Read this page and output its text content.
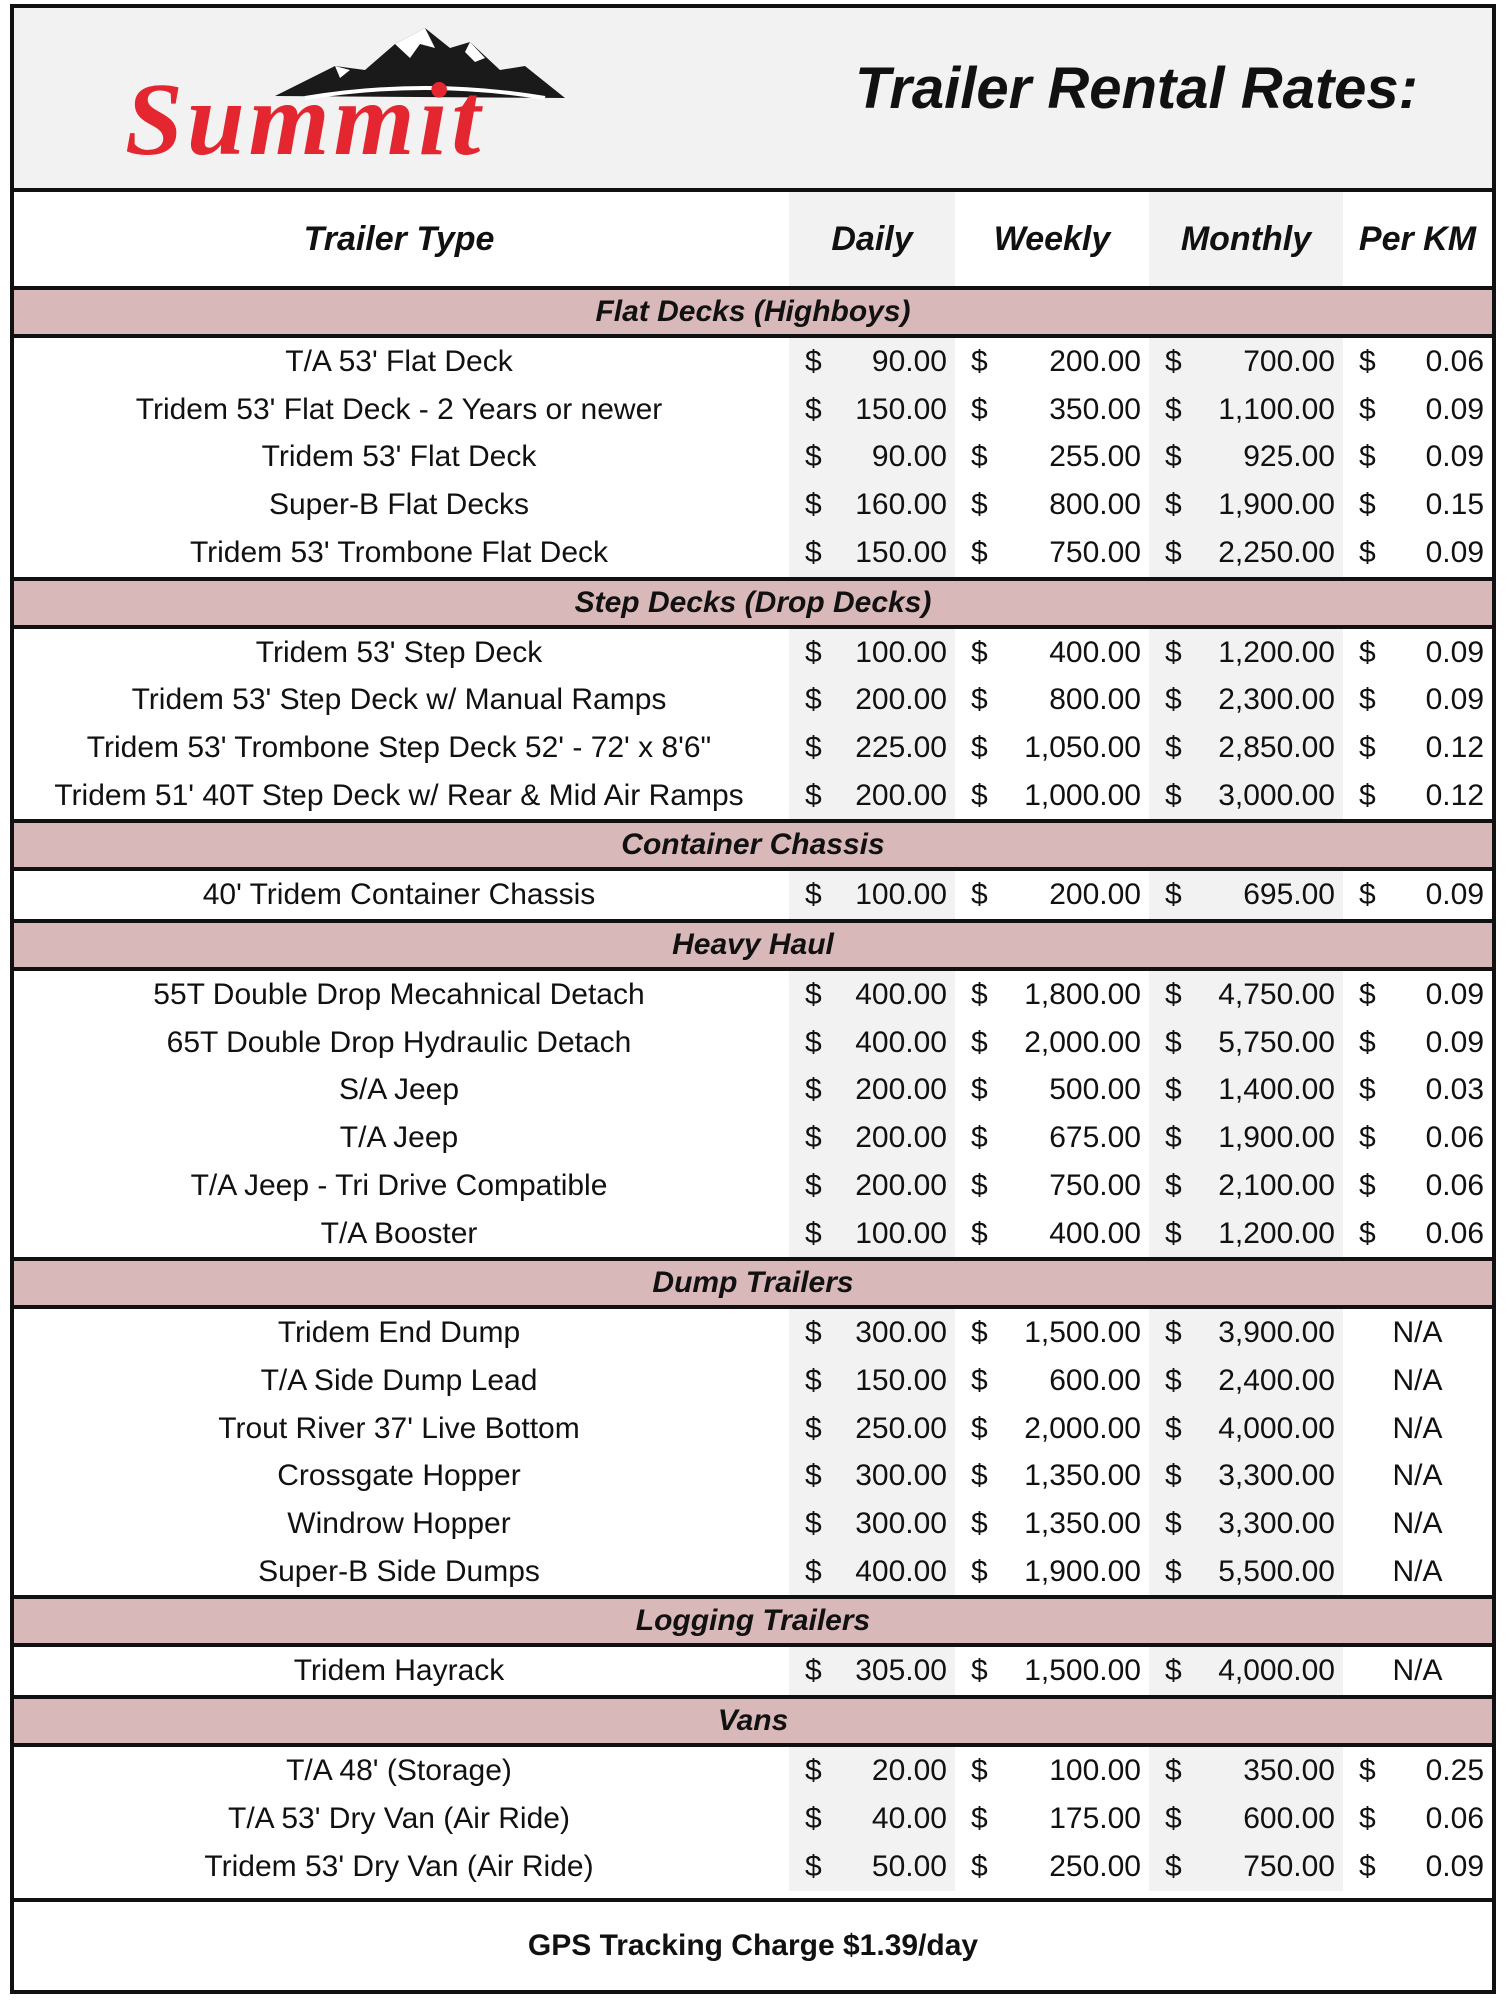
Summit	Trailer Rental Rates:
Trailer Type	Daily	Weekly	Monthly	Per KM
GPS Tracking Charge $1.39/day
Flat Decks (Highboys)
T/A 53' Flat Deck	$ 90.00 $ 200.00 $ 700.00 $ 0.06
Tridem 53' Flat Deck - 2 Years or newer	$ 150.00 $ 350.00 $ 1,100.00 $ 0.09
Tridem 53' Flat Deck	$ 90.00 $ 255.00 $ 925.00 $ 0.09
Super-B Flat Decks	$ 160.00 $ 800.00 $ 1,900.00 $ 0.15
Tridem 53' Trombone Flat Deck	$ 150.00 $ 750.00 $ 2,250.00 $ 0.09
Step Decks (Drop Decks)
Tridem 53' Step Deck	$ 100.00 $ 400.00 $ 1,200.00 $ 0.09
Tridem 53' Step Deck w/ Manual Ramps	$ 200.00 $ 800.00 $ 2,300.00 $ 0.09
Tridem 53' Trombone Step Deck 52' - 72' x 8'6"	$ 225.00 $ 1,050.00 $ 2,850.00 $ 0.12
Tridem 51' 40T Step Deck w/ Rear & Mid Air Ramps	$ 200.00 $ 1,000.00 $ 3,000.00 $ 0.12
Container Chassis
40' Tridem Container Chassis	$ 100.00 $ 200.00 $ 695.00 $ 0.09
Heavy Haul
55T Double Drop Mecahnical Detach	$ 400.00 $ 1,800.00 $ 4,750.00 $ 0.09
65T Double Drop Hydraulic Detach	$ 400.00 $ 2,000.00 $ 5,750.00 $ 0.09
S/A Jeep	$ 200.00 $ 500.00 $ 1,400.00 $ 0.03
T/A Jeep	$ 200.00 $ 675.00 $ 1,900.00 $ 0.06
T/A Jeep - Tri Drive Compatible	$ 200.00 $ 750.00 $ 2,100.00 $ 0.06
T/A Booster	$ 100.00 $ 400.00 $ 1,200.00 $ 0.06
Dump Trailers
Tridem End Dump	$ 300.00 $ 1,500.00 $ 3,900.00	N/A
T/A Side Dump Lead	$ 150.00 $ 600.00 $ 2,400.00	N/A
Trout River 37' Live Bottom	$ 250.00 $ 2,000.00 $ 4,000.00	N/A
Crossgate Hopper	$ 300.00 $ 1,350.00 $ 3,300.00	N/A
Windrow Hopper	$ 300.00 $ 1,350.00 $ 3,300.00	N/A
Super-B Side Dumps	$ 400.00 $ 1,900.00 $ 5,500.00	N/A
Logging Trailers
Tridem Hayrack	$ 305.00 $ 1,500.00 $ 4,000.00	N/A
Vans
T/A 48' (Storage)	$ 20.00 $ 100.00 $ 350.00 $ 0.25
T/A 53' Dry Van (Air Ride)	$ 40.00 $ 175.00 $ 600.00 $ 0.06
Tridem 53' Dry Van (Air Ride)	$ 50.00 $ 250.00 $ 750.00 $ 0.09
